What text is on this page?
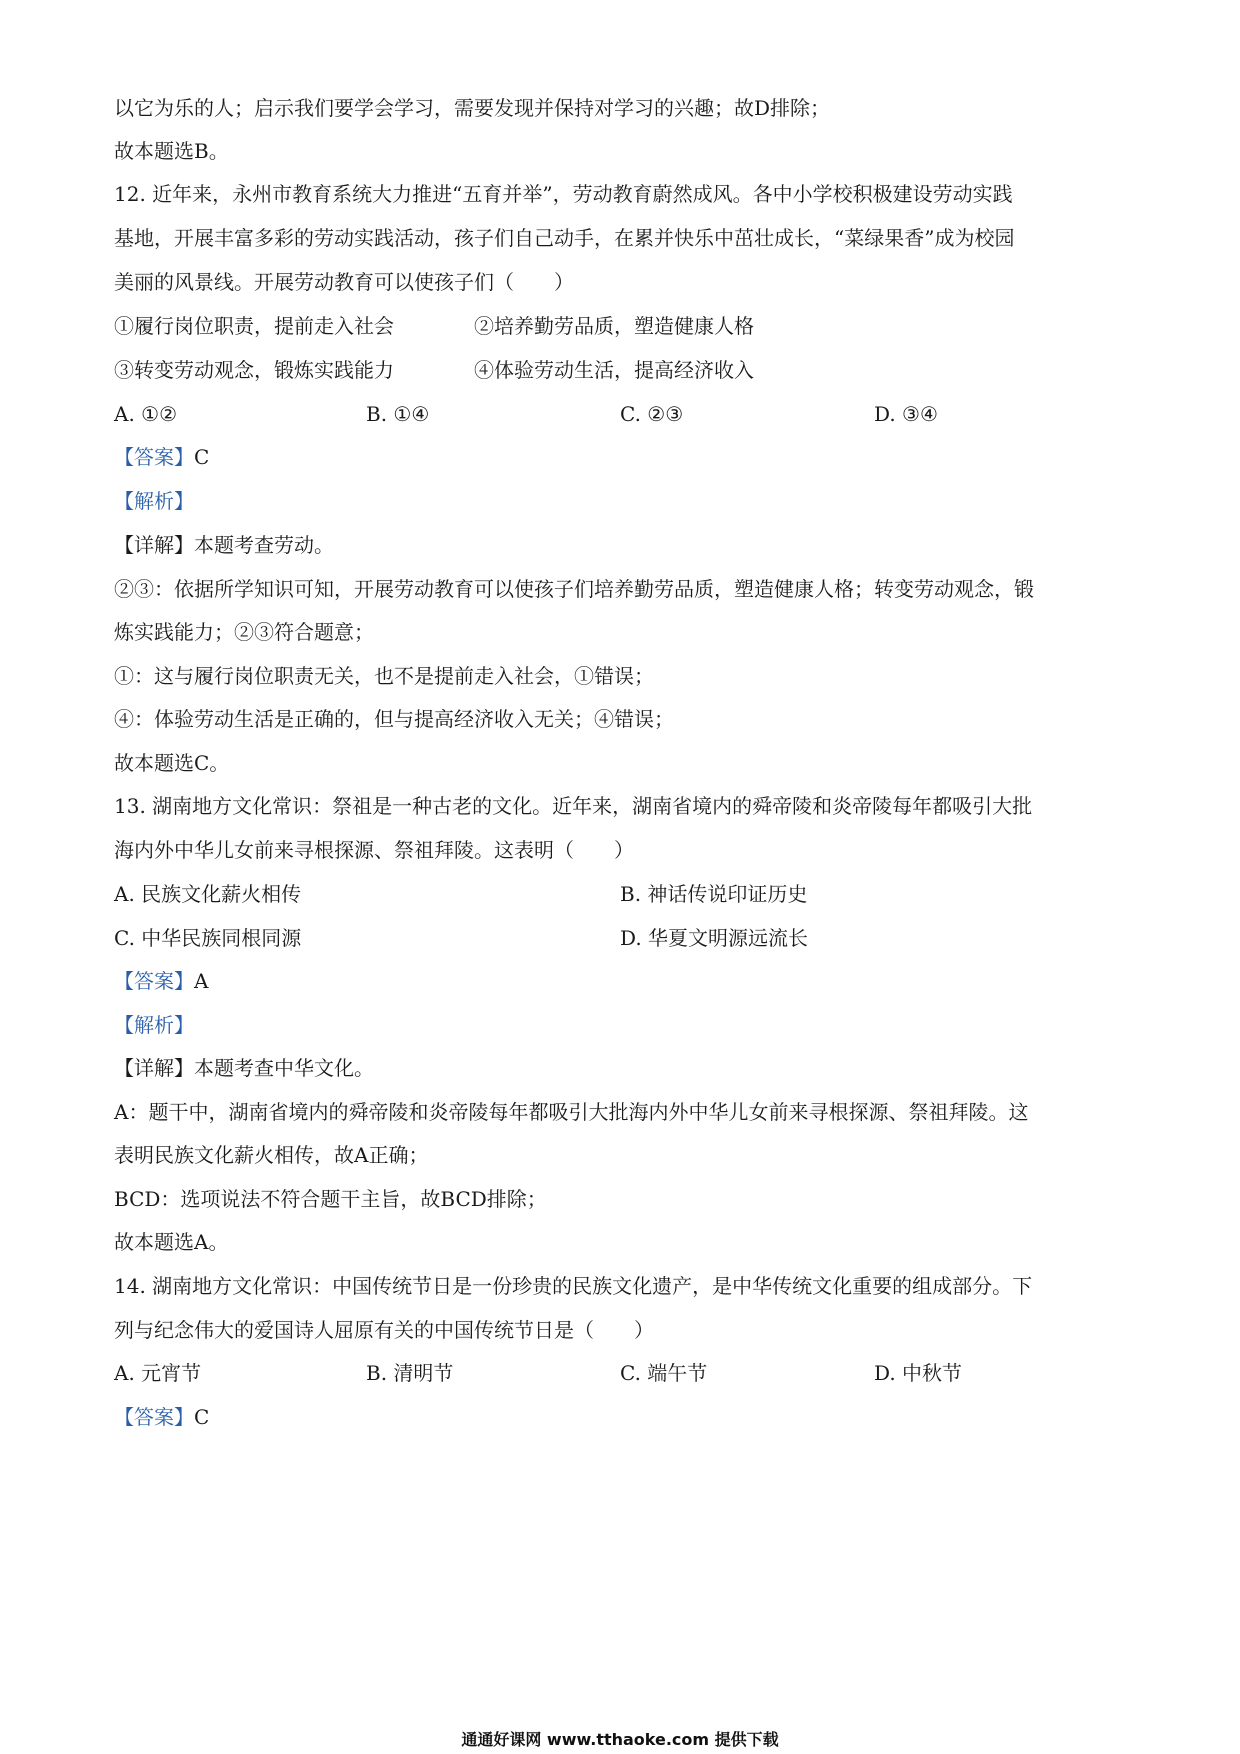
以它为乐的人；启示我们要学会学习，需要发现并保持对学习的兴趣；故D排除；
故本题选B。
12. 近年来，永州市教育系统大力推进“五育并举”，劳动教育蔚然成风。各中小学校积极建设劳动实践
基地，开展丰富多彩的劳动实践活动，孩子们自己动手，在累并快乐中茁壮成长，“菜绿果香”成为校园
美丽的风景线。开展劳动教育可以使孩子们（　　）
①履行岗位职责，提前走入社会	②培养勤劳品质，塑造健康人格
③转变劳动观念，锻炼实践能力	④体验劳动生活，提高经济收入
A. ①②	B. ①④	C. ②③	D. ③④
【答案】C
【解析】
【详解】本题考查劳动。
②③：依据所学知识可知，开展劳动教育可以使孩子们培养勤劳品质，塑造健康人格；转变劳动观念，锻
炼实践能力；②③符合题意；
①：这与履行岗位职责无关，也不是提前走入社会，①错误；
④：体验劳动生活是正确的，但与提高经济收入无关；④错误；
故本题选C。
13. 湖南地方文化常识：祭祖是一种古老的文化。近年来，湖南省境内的舜帝陵和炎帝陵每年都吸引大批
海内外中华儿女前来寻根探源、祭祖拜陵。这表明（　　）
A. 民族文化薪火相传	B. 神话传说印证历史
C. 中华民族同根同源	D. 华夏文明源远流长
【答案】A
【解析】
【详解】本题考查中华文化。
A：题干中，湖南省境内的舜帝陵和炎帝陵每年都吸引大批海内外中华儿女前来寻根探源、祭祖拜陵。这
表明民族文化薪火相传，故A正确；
BCD：选项说法不符合题干主旨，故BCD排除；
故本题选A。
14. 湖南地方文化常识：中国传统节日是一份珍贵的民族文化遗产，是中华传统文化重要的组成部分。下
列与纪念伟大的爱国诗人屈原有关的中国传统节日是（　　）
A. 元宵节	B. 清明节	C. 端午节	D. 中秋节
【答案】C
通通好课网 www.tthaoke.com 提供下载
